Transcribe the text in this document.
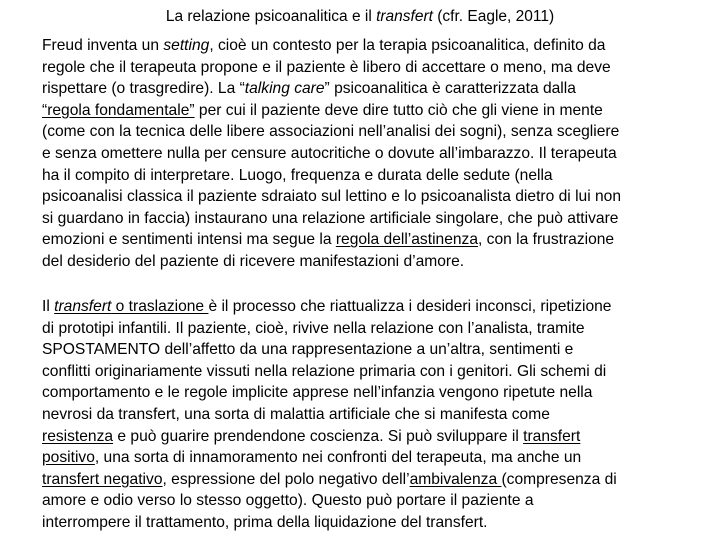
La relazione psicoanalitica e il transfert (cfr. Eagle, 2011)
Freud inventa un setting, cioè un contesto per la terapia psicoanalitica, definito da
regole che il terapeuta propone e il paziente è libero di accettare o meno, ma deve
rispettare (o trasgredire). La “talking care” psicoanalitica è caratterizzata dalla
“regola fondamentale” per cui il paziente deve dire tutto ciò che gli viene in mente
(come con la tecnica delle libere associazioni nell’analisi dei sogni), senza scegliere
e senza omettere nulla per censure autocritiche o dovute all’imbarazzo. Il terapeuta
ha il compito di interpretare. Luogo, frequenza e durata delle sedute (nella
psicoanalisi classica il paziente sdraiato sul lettino e lo psicoanalista dietro di lui non
si guardano in faccia) instaurano una relazione artificiale singolare, che può attivare
emozioni e sentimenti intensi ma segue la regola dell’astinenza, con la frustrazione
del desiderio del paziente di ricevere manifestazioni d’amore.
Il transfert o traslazione è il processo che riattualizza i desideri inconsci, ripetizione
di prototipi infantili. Il paziente, cioè, rivive nella relazione con l’analista, tramite
SPOSTAMENTO dell’affetto da una rappresentazione a un’altra, sentimenti e
conflitti originariamente vissuti nella relazione primaria con i genitori. Gli schemi di
comportamento e le regole implicite apprese nell’infanzia vengono ripetute nella
nevrosi da transfert, una sorta di malattia artificiale che si manifesta come
resistenza e può guarire prendendone coscienza. Si può sviluppare il transfert
positivo, una sorta di innamoramento nei confronti del terapeuta, ma anche un
transfert negativo, espressione del polo negativo dell’ambivalenza (compresenza di
amore e odio verso lo stesso oggetto). Questo può portare il paziente a
interrompere il trattamento, prima della liquidazione del transfert.
